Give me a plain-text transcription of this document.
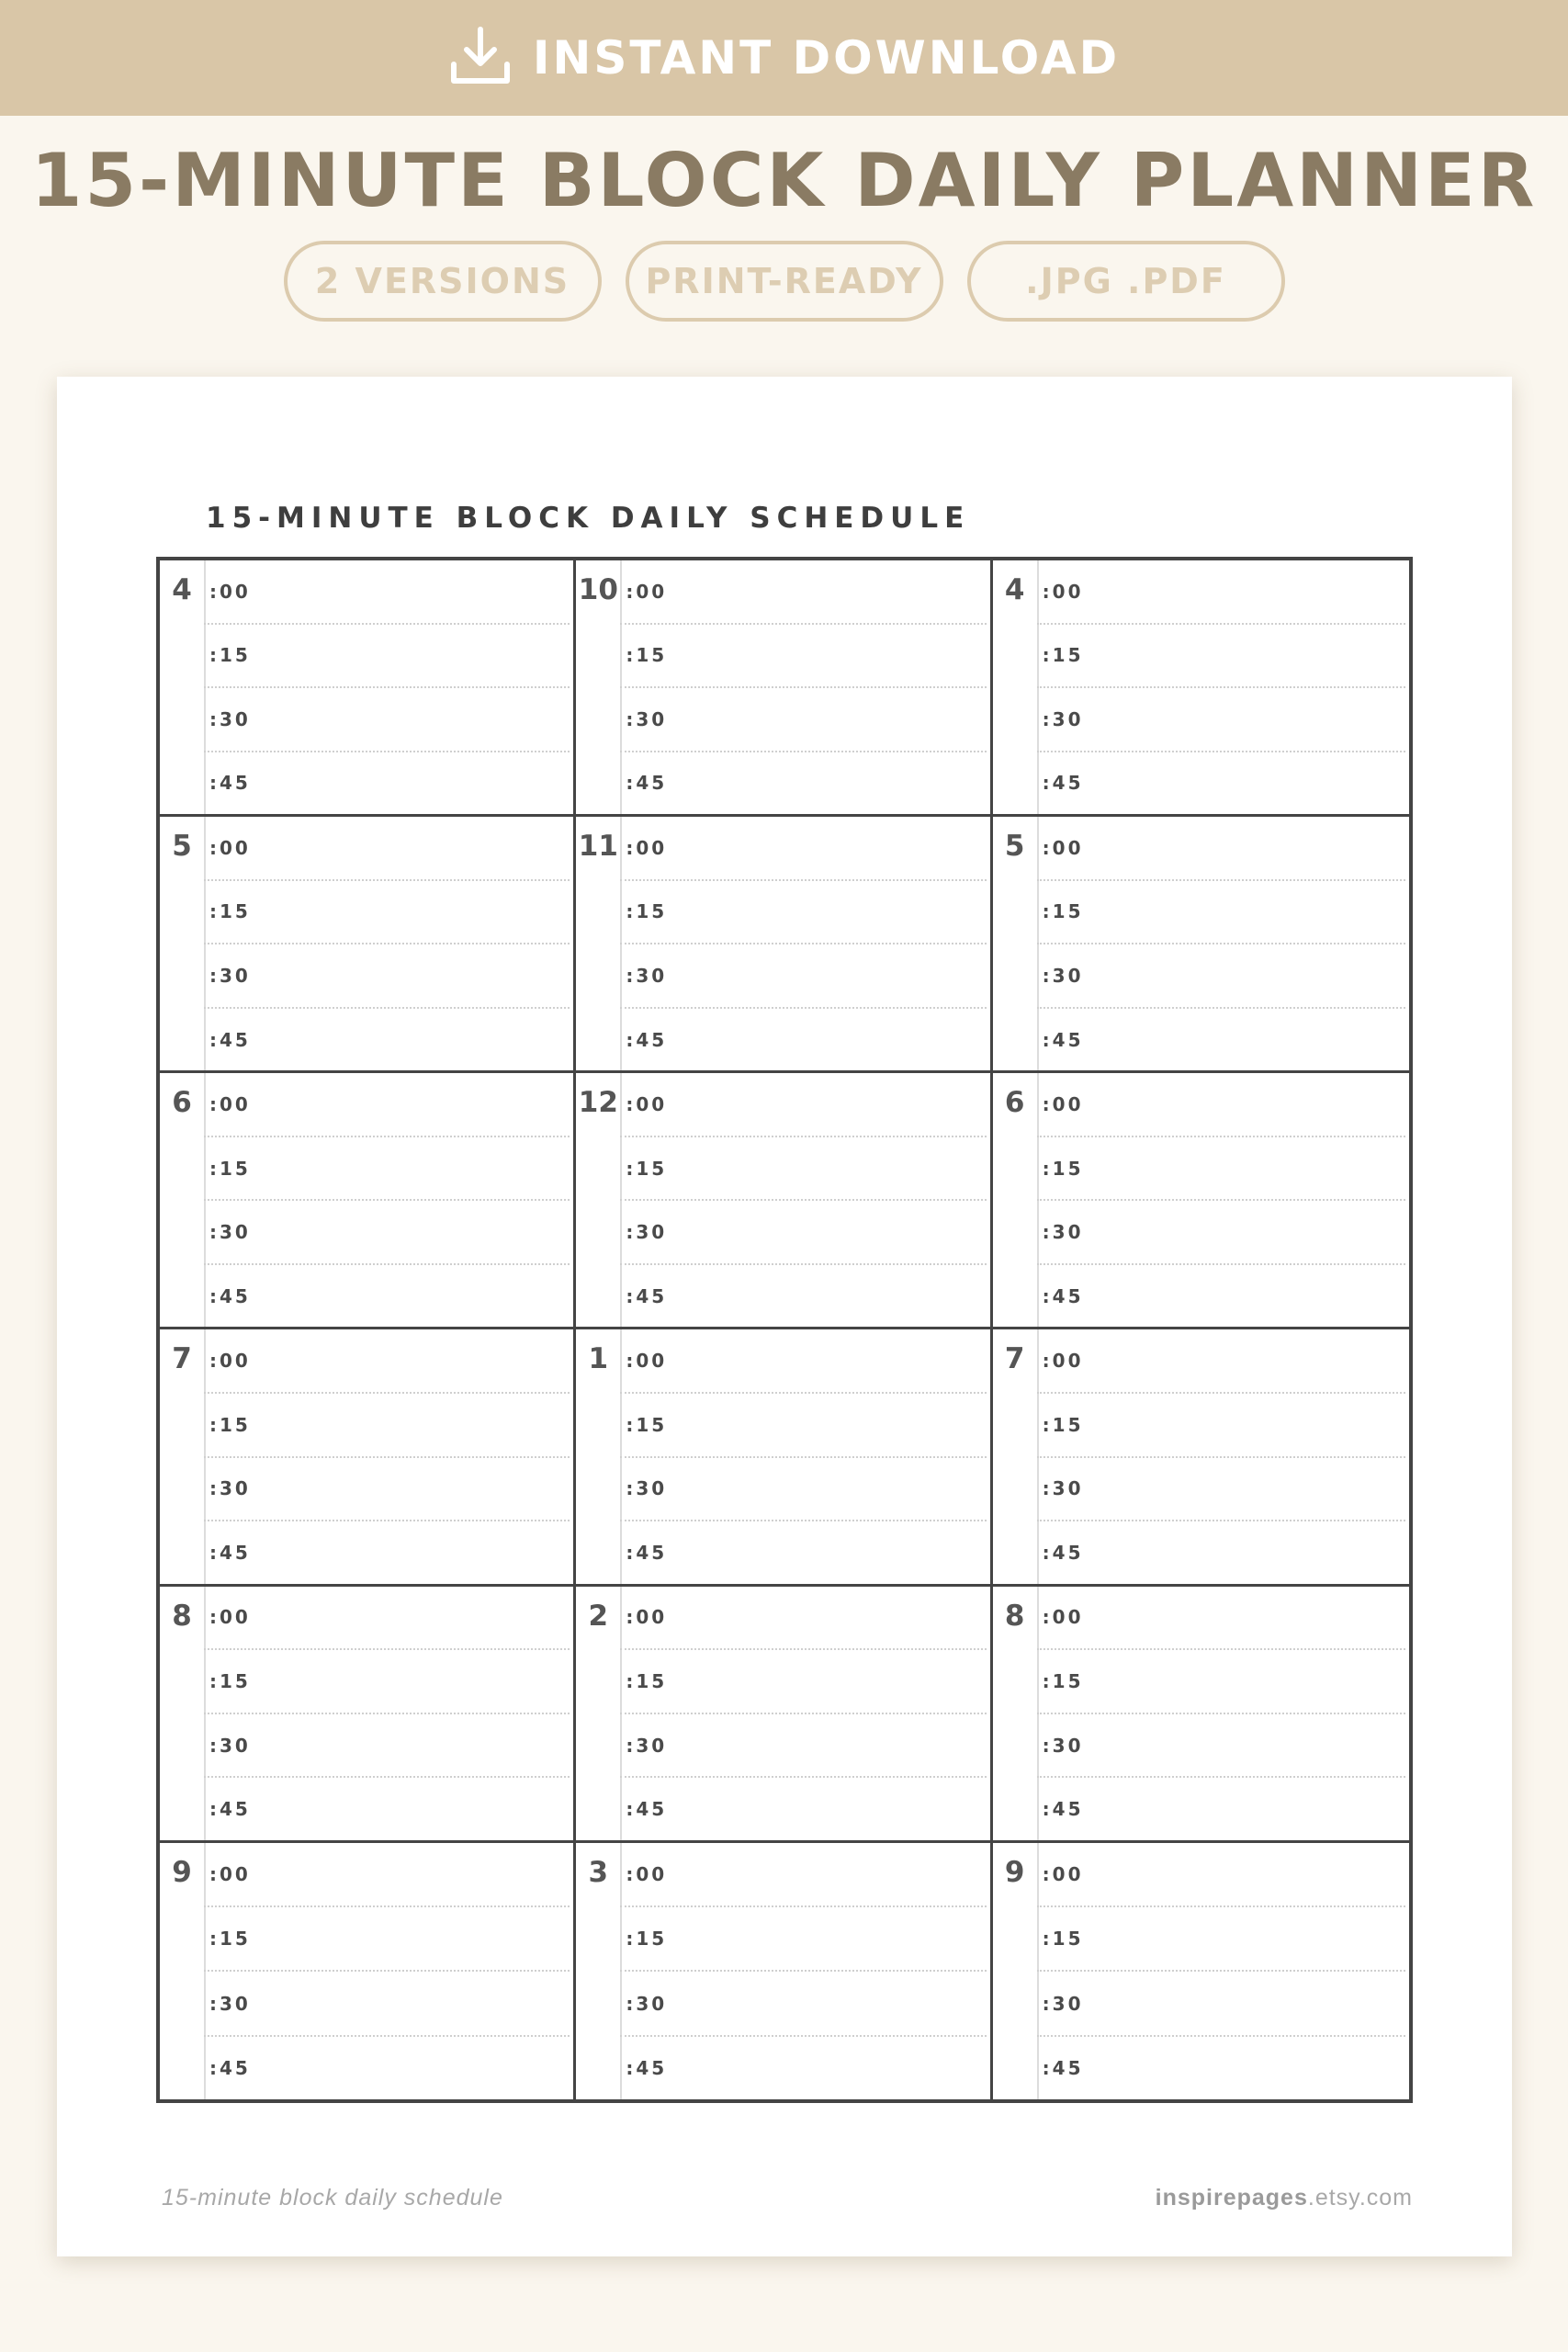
INSTANT DOWNLOAD
15-MINUTE BLOCK DAILY PLANNER
2 VERSIONS	PRINT-READY	.JPG .PDF
15-MINUTE BLOCK DAILY SCHEDULE
4 :00
:15
:30
:45
10 :00
:15
:30
:45
4 :00
:15
:30
:45
5 :00
:15
:30
:45
11 :00
:15
:30
:45
5 :00
:15
:30
:45
6 :00
:15
:30
:45
12 :00
:15
:30
:45
6 :00
:15
:30
:45
7 :00
:15
:30
:45
1 :00
:15
:30
:45
7 :00
:15
:30
:45
8 :00
:15
:30
:45
2 :00
:15
:30
:45
8 :00
:15
:30
:45
9 :00
:15
:30
:45
3 :00
:15
:30
:45
9 :00
:15
:30
:45
15-minute block daily schedule	inspirepages.etsy.com
